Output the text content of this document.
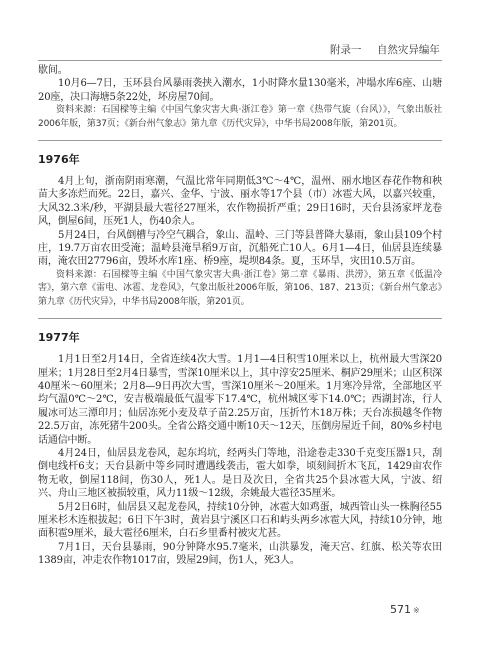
附录一 自然灾异编年

歇间。

10月6—7日，玉环县台风暴雨袭挟入潮水，1小时降水量130毫米，冲塌水库6座、山塘20座，决口海塘5条22处，坏房屋70间。

资料来源：石国樑等主编《中国气象灾害大典·浙江卷》第一章《热带气旋（台风）》，气象出版社2006年版，第37页；《新台州气象志》第九章《历代灾异》，中华书局2008年版，第201页。

1976年

4月上旬，浙南阴雨寒潮，气温比常年同期低3℃～4℃，温州、丽水地区春花作物和秧苗大多冻烂而死。22日，嘉兴、金华、宁波、丽水等17个县（市）冰雹大风，以嘉兴较重，大风32.3米/秒，平湖县最大雹径27厘米，农作物损折严重；29日16时，天台县汤家坪龙卷风，倒屋6间，压死1人，伤40余人。

5月24日，台风倒槽与冷空气耦合，象山、温岭、三门等县普降大暴雨，象山县109个村庄，19.7万亩农田受淹；温岭县淹旱稻9万亩，沉船死亡10人。6月1—4日，仙居县连续暴雨，淹农田27796亩，毁坏水库1座、桥9座，堤坝84条。夏，玉环旱，灾田10.5万亩。

资料来源：石国樑等主编《中国气象灾害大典·浙江卷》第二章《暴雨、洪涝》，第五章《低温冷害》，第六章《雷电、冰雹、龙卷风》，气象出版社2006年版，第106、187、213页；《新台州气象志》第九章《历代灾异》，中华书局2008年版，第201页。

1977年

1月1日至2月14日，全省连续4次大雪。1月1—4日积雪10厘米以上，杭州最大雪深20厘米；1月28日至2月4日暴雪，雪深10厘米以上，其中淳安25厘米、桐庐29厘米；山区积深40厘米～60厘米；2月8—9日再次大雪，雪深10厘米～20厘米。1月寒冷异常，全部地区平均气温0℃～2℃，安吉极端最低气温零下17.4℃，杭州城区零下14.0℃；西湖封冻，行人履冰可达三潭印月；仙居冻死小麦及草子苗2.25万亩，压折竹木18万株；天台冻损越冬作物22.5万亩，冻死猪牛200头。全省公路交通中断10天～12天，压倒房屋近千间，80%乡村电话通信中断。

4月24日，仙居县龙卷风，起东坞坑，经两头门等地，沿途卷走330千克变压器1只，刮倒电线杆6支；天台县新中等乡同时遭遇线袭击，雹大如拳，顷刻间折木飞瓦，1429亩农作物无收，倒屋118间，伤30人，死1人。是日及次日，全省共25个县冰雹大风，宁波、绍兴、舟山三地区被损较重，风力11级～12级，余姚最大雹径35厘米。

5月2日6时，仙居县又起龙卷风，持续10分钟，冰雹大如鸡蛋，城西管山头一株胸径55厘米杉木连根拔起；6日下午3时，黄岩县宁溪区口石和屿头两乡冰雹大风，持续10分钟，地面积雹9厘米，最大雹径6厘米，白石乡里番村被灾尤甚。

7月1日，天台县暴雨，90分钟降水95.7毫米，山洪暴发，淹天宫、红旗、松关等农田1389亩，冲走农作物1017亩，毁屋29间，伤1人，死3人。

571 ※
